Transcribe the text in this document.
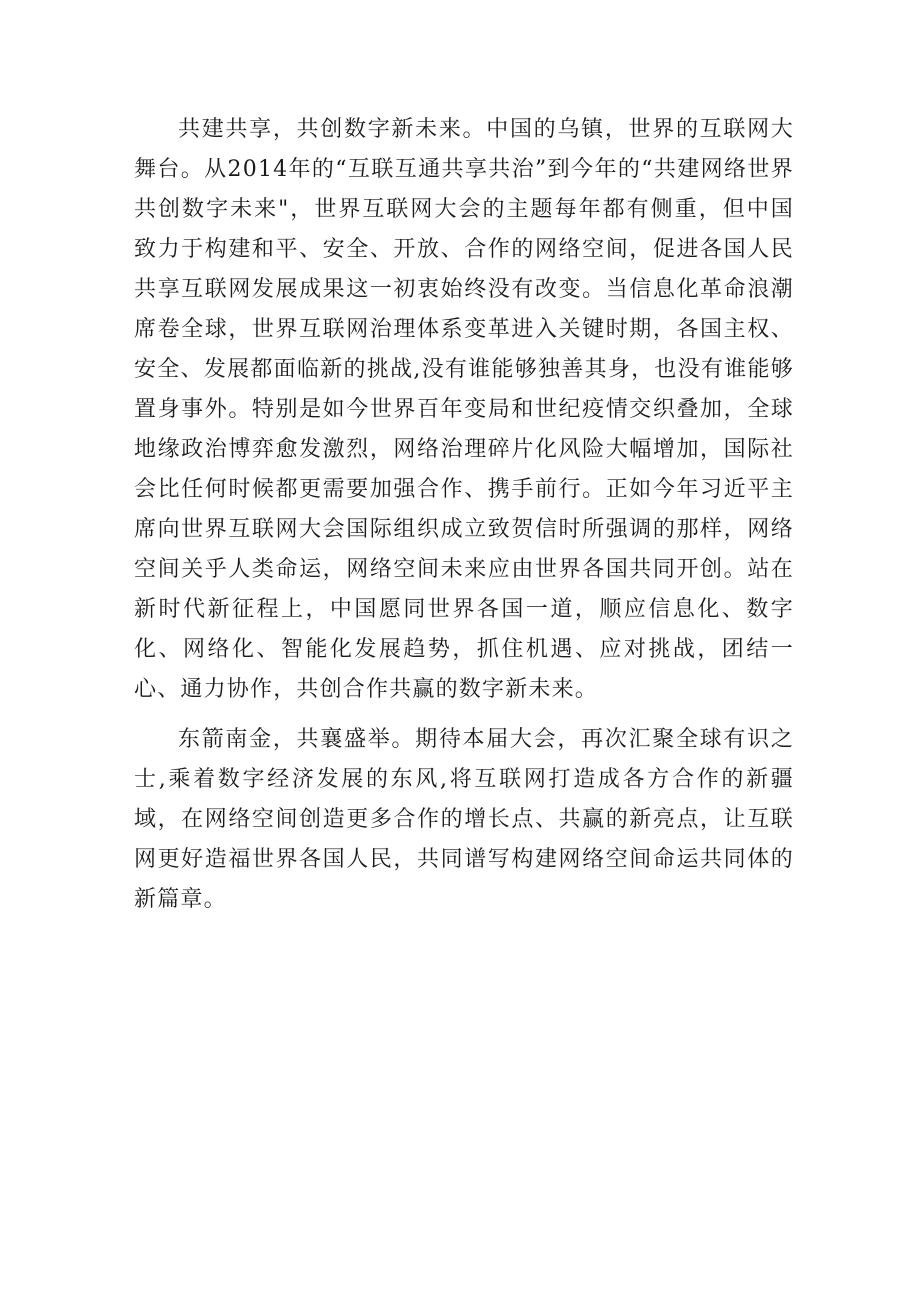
共建共享，共创数字新未来。中国的乌镇，世界的互联网大舞台。从2014年的“互联互通共享共治”到今年的“共建网络世界共创数字未来"，世界互联网大会的主题每年都有侧重，但中国致力于构建和平、安全、开放、合作的网络空间，促进各国人民共享互联网发展成果这一初衷始终没有改变。当信息化革命浪潮席卷全球，世界互联网治理体系变革进入关键时期，各国主权、安全、发展都面临新的挑战,没有谁能够独善其身，也没有谁能够置身事外。特别是如今世界百年变局和世纪疫情交织叠加，全球地缘政治博弈愈发激烈，网络治理碎片化风险大幅增加，国际社会比任何时候都更需要加强合作、携手前行。正如今年习近平主席向世界互联网大会国际组织成立致贺信时所强调的那样，网络空间关乎人类命运，网络空间未来应由世界各国共同开创。站在新时代新征程上，中国愿同世界各国一道，顺应信息化、数字化、网络化、智能化发展趋势，抓住机遇、应对挑战，团结一心、通力协作，共创合作共赢的数字新未来。

东箭南金，共襄盛举。期待本届大会，再次汇聚全球有识之士,乘着数字经济发展的东风,将互联网打造成各方合作的新疆域，在网络空间创造更多合作的增长点、共赢的新亮点，让互联网更好造福世界各国人民，共同谱写构建网络空间命运共同体的新篇章。
